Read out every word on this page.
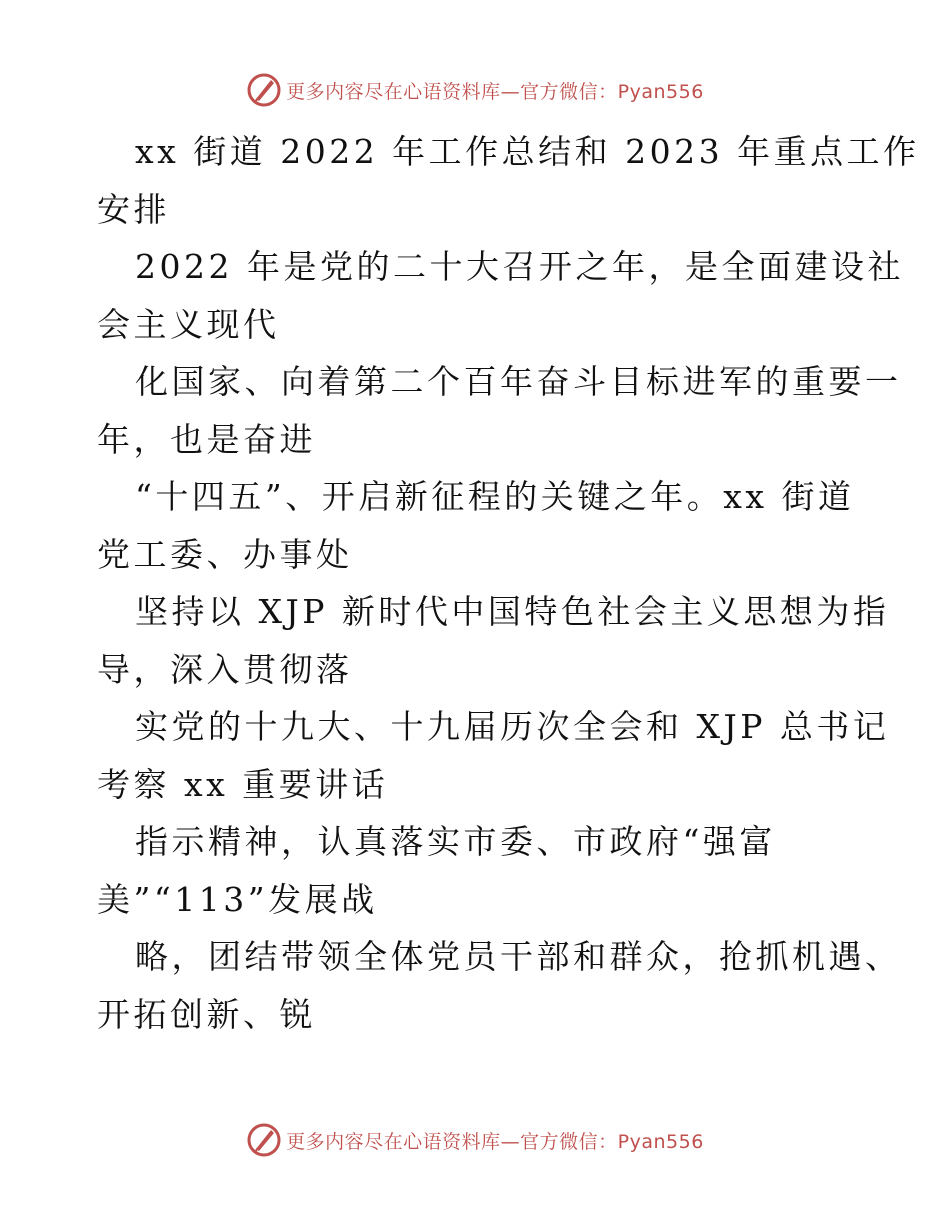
更多内容尽在心语资料库—官方微信：Pyan556
xx 街道 2022 年工作总结和 2023 年重点工作
安排
2022 年是党的二十大召开之年，是全面建设社
会主义现代
化国家、向着第二个百年奋斗目标进军的重要一
年，也是奋进
“十四五”、开启新征程的关键之年。xx 街道
党工委、办事处
坚持以 XJP 新时代中国特色社会主义思想为指
导，深入贯彻落
实党的十九大、十九届历次全会和 XJP 总书记
考察 xx 重要讲话
指示精神，认真落实市委、市政府“强富
美”“113”发展战
略，团结带领全体党员干部和群众，抢抓机遇、
开拓创新、锐
更多内容尽在心语资料库—官方微信：Pyan556
